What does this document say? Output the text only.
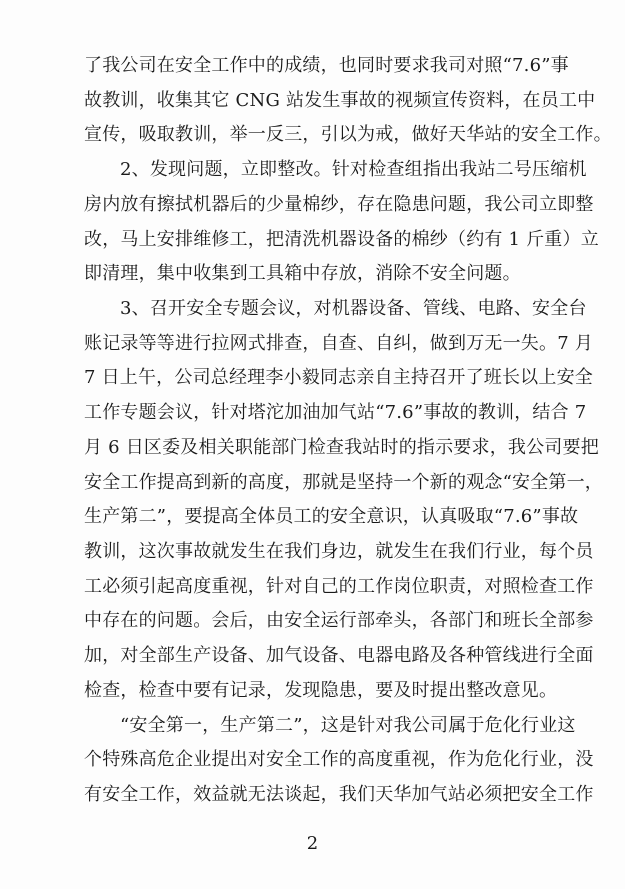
了我公司在安全工作中的成绩，也同时要求我司对照“7.6”事
故教训，收集其它 CNG 站发生事故的视频宣传资料，在员工中
宣传，吸取教训，举一反三，引以为戒，做好天华站的安全工作。
2、发现问题，立即整改。针对检查组指出我站二号压缩机
房内放有擦拭机器后的少量棉纱，存在隐患问题，我公司立即整
改，马上安排维修工，把清洗机器设备的棉纱（约有 1 斤重）立
即清理，集中收集到工具箱中存放，消除不安全问题。
3、召开安全专题会议，对机器设备、管线、电路、安全台
账记录等等进行拉网式排查，自查、自纠，做到万无一失。7 月
7 日上午，公司总经理李小毅同志亲自主持召开了班长以上安全
工作专题会议，针对塔沱加油加气站“7.6”事故的教训，结合 7
月 6 日区委及相关职能部门检查我站时的指示要求，我公司要把
安全工作提高到新的高度，那就是坚持一个新的观念“安全第一，
生产第二”，要提高全体员工的安全意识，认真吸取“7.6”事故
教训，这次事故就发生在我们身边，就发生在我们行业，每个员
工必须引起高度重视，针对自己的工作岗位职责，对照检查工作
中存在的问题。会后，由安全运行部牵头，各部门和班长全部参
加，对全部生产设备、加气设备、电器电路及各种管线进行全面
检查，检查中要有记录，发现隐患，要及时提出整改意见。
“安全第一，生产第二”，这是针对我公司属于危化行业这
个特殊高危企业提出对安全工作的高度重视，作为危化行业，没
有安全工作，效益就无法谈起，我们天华加气站必须把安全工作
2
